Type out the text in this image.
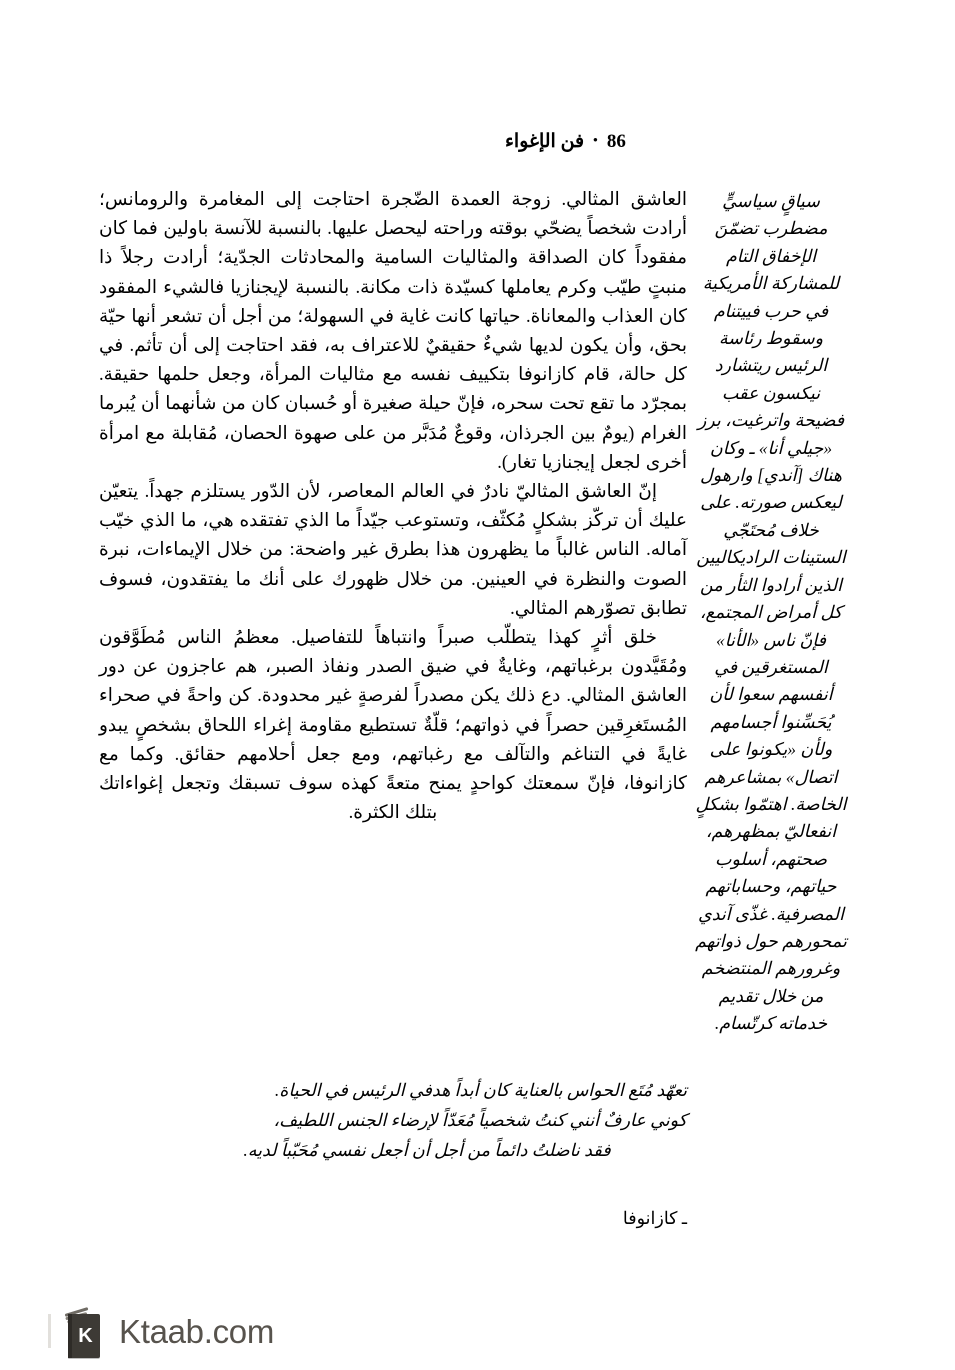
86•فن الإغواء

العاشق المثالي. زوجة العمدة الضّجرة احتاجت إلى المغامرة والرومانس؛ أرادت شخصاً يضحّي بوقته وراحته ليحصل عليها. بالنسبة للآنسة باولين فما كان مفقوداً كان الصداقة والمثاليات السامية والمحادثات الجدّية؛ أرادت رجلاً ذا منبتٍ طيّب وكرم يعاملها كسيّدة ذات مكانة. بالنسبة لإيجنازيا فالشيء المفقود كان العذاب والمعاناة. حياتها كانت غاية في السهولة؛ من أجل أن تشعر أنها حيّة بحق، وأن يكون لديها شيءٌ حقيقيٌ للاعتراف به، فقد احتاجت إلى أن تأثم. في كل حالة، قام كازانوفا بتكييف نفسه مع مثاليات المرأة، وجعل حلمها حقيقة. بمجرّد ما تقع تحت سحره، فإنّ حيلة صغيرة أو حُسبان كان من شأنهما أن يُبرما الغرام (يومٌ بين الجرذان، وقوعٌ مُدَبَّر من على صهوة الحصان، مُقابلة مع امرأة أخرى لجعل إيجنازيا تغار).

إنّ العاشق المثاليّ نادرٌ في العالم المعاصر، لأن الدّور يستلزم جهداً. يتعيّن عليك أن تركّز بشكلٍ مُكثّف، وتستوعب جيّداً ما الذي تفتقده هي، ما الذي خيّب آماله. الناس غالباً ما يظهرون هذا بطرق غير واضحة: من خلال الإيماءات، نبرة الصوت والنظرة في العينين. من خلال ظهورك على أنك ما يفتقدون، فسوف تطابق تصوّرهم المثالي.

خلق أثرٍ كهذا يتطلّب صبراً وانتباهاً للتفاصيل. معظمُ الناس مُطَوَّقون ومُقَيَّدون برغباتهم، وغايةٌ في ضيق الصدر ونفاذ الصبر، هم عاجزون عن دور العاشق المثالي. دع ذلك يكن مصدراً لفرصةٍ غير محدودة. كن واحةً في صحراء المُستَغرِقين حصراً في ذواتهم؛ قلّةٌ تستطيع مقاومة إغراء اللحاق بشخصٍ يبدو غايةً في التناغم والتآلف مع رغباتهم، ومع جعل أحلامهم حقائق. وكما مع كازانوفا، فإنّ سمعتك كواحدٍ يمنح متعةً كهذه سوف تسبقك وتجعل إغواءاتك بتلك الكثرة.

سياقٍ سياسيٍّ مضطرب تضمّنَ الإخفاق التام للمشاركة الأمريكية في حرب فييتنام وسقوط رئاسة الرئيس ريتشارد نيكسون عقب فضيحة واترغيت، برز «جيلي أنا» ـ وكان هناك [آندي] وارهول ليعكس صورته. على خلاف مُحتَجّي الستينات الراديكاليين الذين أرادوا الثأر من كل أمراض المجتمع، فإنّ ناس «الأنا» المستغرقين في أنفسهم سعوا لأن يُحَسِّنوا أجسامهم ولأن «يكونوا على اتصال» بمشاعرهم الخاصة. اهتمّوا بشكلٍ انفعاليّ بمظهرهم، صحتهم، أسلوب حياتهم، وحساباتهم المصرفية. غذّى آندي تمحورهم حول ذواتهم وغرورهم المنتضخم من خلال تقديم خدماته كرتّسام.

تعهّد مُتَع الحواس بالعناية كان أبداً هدفي الرئيس في الحياة.

كوني عارفٌ أنني كنتُ شخصياً مُعَدّاً لإرضاء الجنس اللطيف،

فقد ناضلتُ دائماً من أجل أن أجعل نفسي مُحَبّباً لديه.

ـ كازانوفا
K Ktaab.com
